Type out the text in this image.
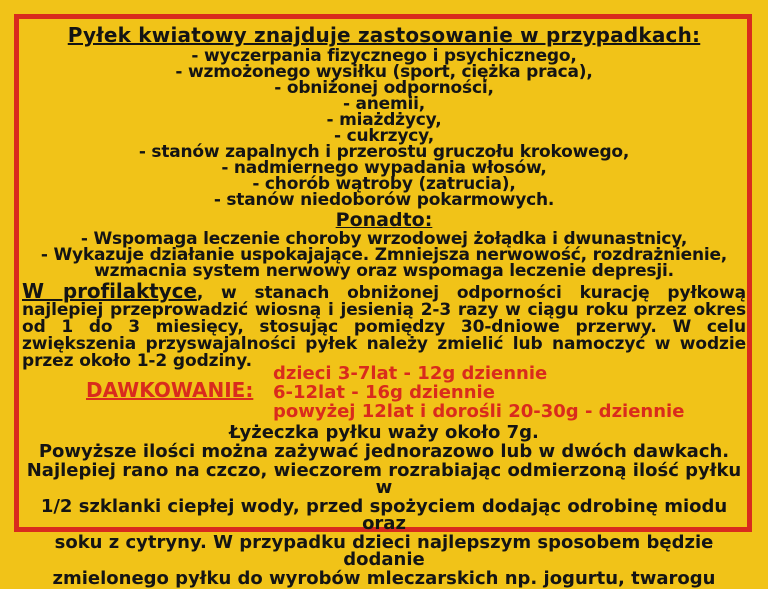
Pyłek kwiatowy znajduje zastosowanie w przypadkach:
- wyczerpania fizycznego i psychicznego,
- wzmożonego wysiłku (sport, ciężka praca),
- obniżonej odporności,
- anemii,
- miażdżycy,
- cukrzycy,
- stanów zapalnych i przerostu gruczołu krokowego,
- nadmiernego wypadania włosów,
- chorób wątroby (zatrucia),
- stanów niedoborów pokarmowych.
Ponadto:
- Wspomaga leczenie choroby wrzodowej żołądka i dwunastnicy,
- Wykazuje działanie uspokajające. Zmniejsza nerwowość, rozdrażnienie,
wzmacnia system nerwowy oraz wspomaga leczenie depresji.

W profilaktyce, w stanach obniżonej odporności kurację pyłkową najlepiej przeprowadzić wiosną i jesienią 2-3 razy w ciągu roku przez okres od 1 do 3 miesięcy, stosując pomiędzy 30-dniowe przerwy. W celu zwiększenia przyswajalności pyłek należy zmielić lub namoczyć w wodzie przez około 1-2 godziny.

DAWKOWANIE:
dzieci 3-7lat - 12g dziennie
6-12lat - 16g dziennie
powyżej 12lat i dorośli 20-30g - dziennie
Łyżeczka pyłku waży około 7g.
Powyższe ilości można zażywać jednorazowo lub w dwóch dawkach.
Najlepiej rano na czczo, wieczorem rozrabiając odmierzoną ilość pyłku w
1/2 szklanki ciepłej wody, przed spożyciem dodając odrobinę miodu oraz
soku z cytryny. W przypadku dzieci najlepszym sposobem będzie dodanie
zmielonego pyłku do wyrobów mleczarskich np. jogurtu, twarogu
